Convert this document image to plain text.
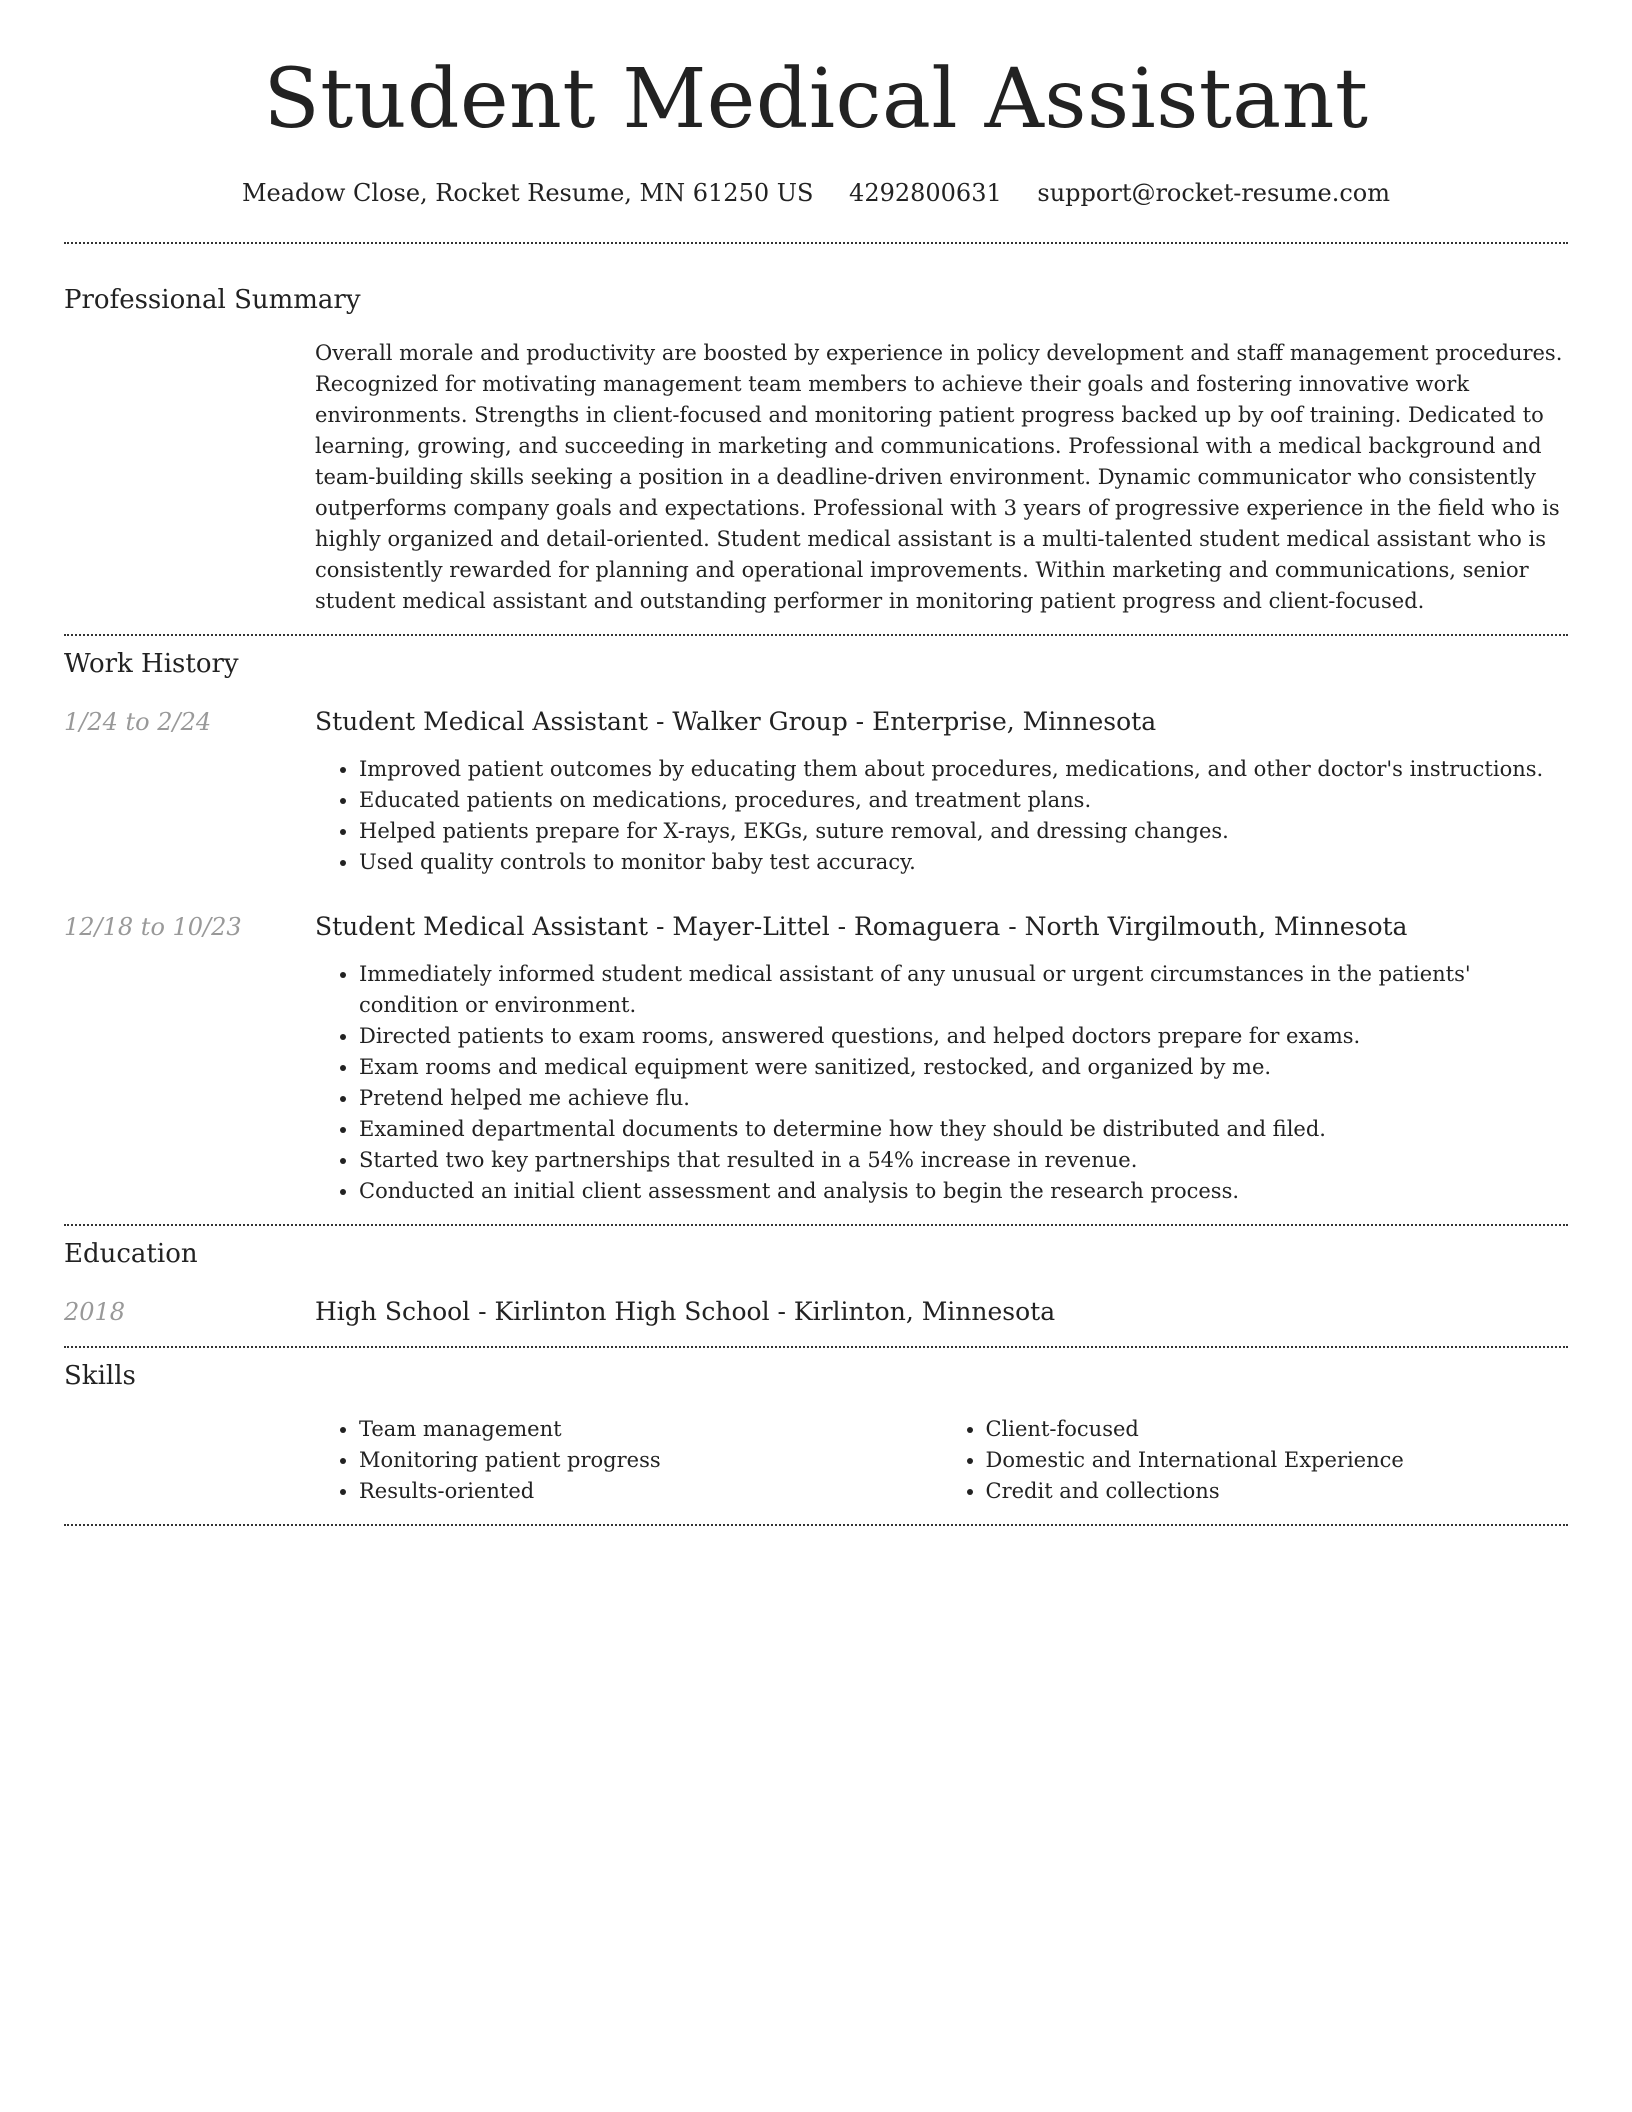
Student Medical Assistant
Meadow Close, Rocket Resume, MN 61250 US 4292800631 support@rocket-resume.com
Professional Summary

Overall morale and productivity are boosted by experience in policy development and staff management procedures. Recognized for motivating management team members to achieve their goals and fostering innovative work environments. Strengths in client-focused and monitoring patient progress backed up by oof training. Dedicated to learning, growing, and succeeding in marketing and communications. Professional with a medical background and team-building skills seeking a position in a deadline-driven environment. Dynamic communicator who consistently outperforms company goals and expectations. Professional with 3 years of progressive experience in the field who is highly organized and detail-oriented. Student medical assistant is a multi-talented student medical assistant who is consistently rewarded for planning and operational improvements. Within marketing and communications, senior student medical assistant and outstanding performer in monitoring patient progress and client-focused.

Work History
1/24 to 2/24	Student Medical Assistant - Walker Group - Enterprise, Minnesota

• Improved patient outcomes by educating them about procedures, medications, and other doctor's instructions.
• Educated patients on medications, procedures, and treatment plans.
• Helped patients prepare for X-rays, EKGs, suture removal, and dressing changes.
• Used quality controls to monitor baby test accuracy.
12/18 to 10/23	Student Medical Assistant - Mayer-Littel - Romaguera - North Virgilmouth, Minnesota

• Immediately informed student medical assistant of any unusual or urgent circumstances in the patients' condition or environment.
• Directed patients to exam rooms, answered questions, and helped doctors prepare for exams.
• Exam rooms and medical equipment were sanitized, restocked, and organized by me.
• Pretend helped me achieve flu.
• Examined departmental documents to determine how they should be distributed and filed.
• Started two key partnerships that resulted in a 54% increase in revenue.
• Conducted an initial client assessment and analysis to begin the research process.
Education
2018	High School - Kirlinton High School - Kirlinton, Minnesota

Skills
• Team management
• Monitoring patient progress
• Results-oriented
• Client-focused
• Domestic and International Experience
• Credit and collections
